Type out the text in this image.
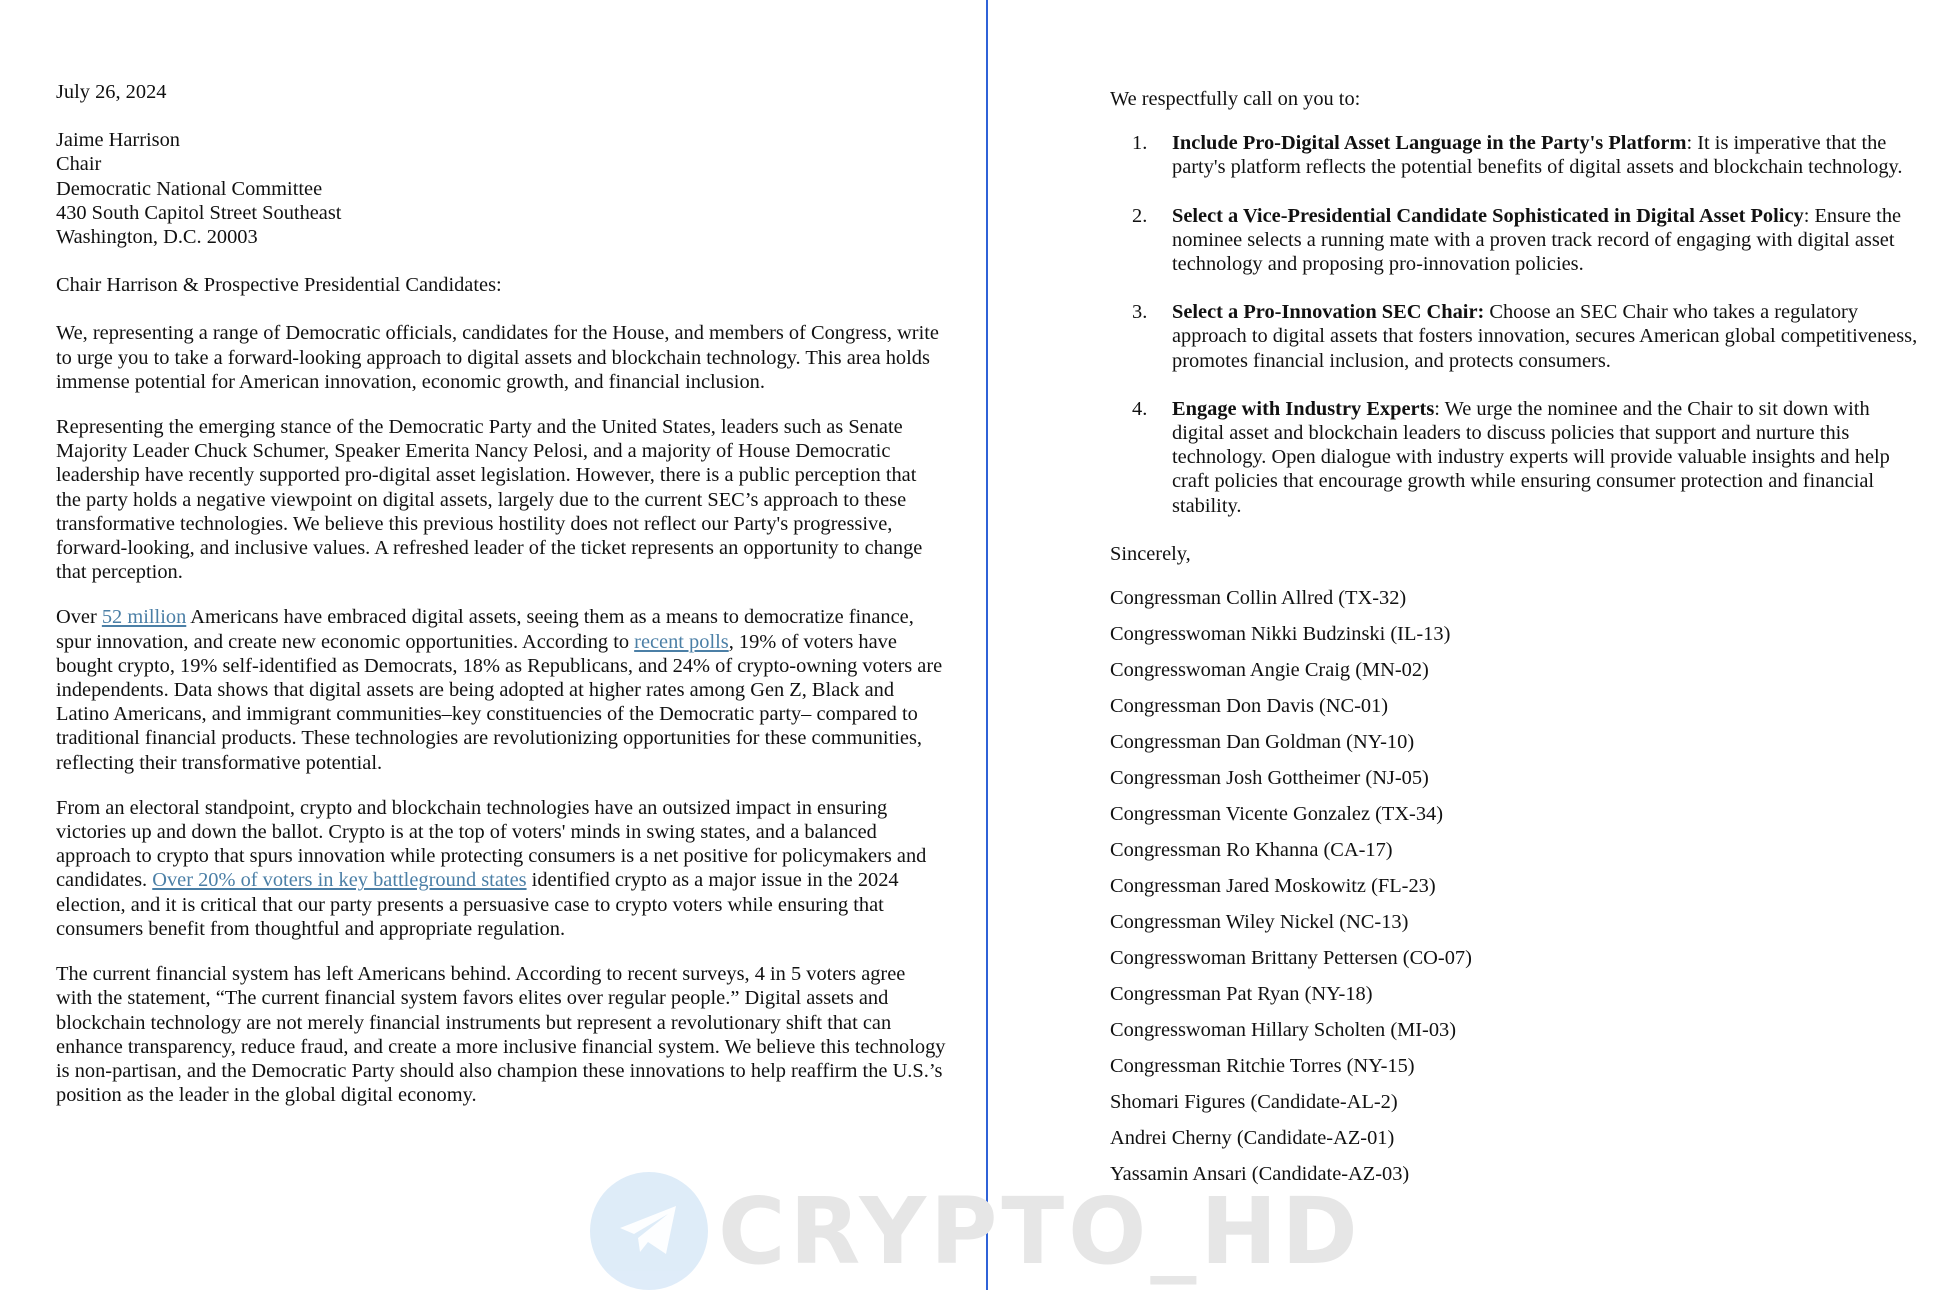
July 26, 2024

Jaime Harrison

Chair

Democratic National Committee

430 South Capitol Street Southeast

Washington, D.C. 20003

Chair Harrison & Prospective Presidential Candidates:

We, representing a range of Democratic officials, candidates for the House, and members of Congress, write to urge you to take a forward-looking approach to digital assets and blockchain technology. This area holds immense potential for American innovation, economic growth, and financial inclusion.

Representing the emerging stance of the Democratic Party and the United States, leaders such as Senate Majority Leader Chuck Schumer, Speaker Emerita Nancy Pelosi, and a majority of House Democratic leadership have recently supported pro-digital asset legislation. However, there is a public perception that the party holds a negative viewpoint on digital assets, largely due to the current SEC’s approach to these transformative technologies. We believe this previous hostility does not reflect our Party's progressive, forward-looking, and inclusive values. A refreshed leader of the ticket represents an opportunity to change that perception.

Over 52 million Americans have embraced digital assets, seeing them as a means to democratize finance, spur innovation, and create new economic opportunities. According to recent polls, 19% of voters have bought crypto, 19% self-identified as Democrats, 18% as Republicans, and 24% of crypto-owning voters are independents. Data shows that digital assets are being adopted at higher rates among Gen Z, Black and Latino Americans, and immigrant communities–key constituencies of the Democratic party– compared to traditional financial products. These technologies are revolutionizing opportunities for these communities, reflecting their transformative potential.

From an electoral standpoint, crypto and blockchain technologies have an outsized impact in ensuring victories up and down the ballot. Crypto is at the top of voters' minds in swing states, and a balanced approach to crypto that spurs innovation while protecting consumers is a net positive for policymakers and candidates. Over 20% of voters in key battleground states identified crypto as a major issue in the 2024 election, and it is critical that our party presents a persuasive case to crypto voters while ensuring that consumers benefit from thoughtful and appropriate regulation.

The current financial system has left Americans behind. According to recent surveys, 4 in 5 voters agree with the statement, “The current financial system favors elites over regular people.” Digital assets and blockchain technology are not merely financial instruments but represent a revolutionary shift that can enhance transparency, reduce fraud, and create a more inclusive financial system. We believe this technology is non-partisan, and the Democratic Party should also champion these innovations to help reaffirm the U.S.’s position as the leader in the global digital economy.

We respectfully call on you to:

1. Include Pro-Digital Asset Language in the Party's Platform: It is imperative that the party's platform reflects the potential benefits of digital assets and blockchain technology.
2. Select a Vice-Presidential Candidate Sophisticated in Digital Asset Policy: Ensure the nominee selects a running mate with a proven track record of engaging with digital asset technology and proposing pro-innovation policies.
3. Select a Pro-Innovation SEC Chair: Choose an SEC Chair who takes a regulatory approach to digital assets that fosters innovation, secures American global competitiveness, promotes financial inclusion, and protects consumers.
4. Engage with Industry Experts: We urge the nominee and the Chair to sit down with digital asset and blockchain leaders to discuss policies that support and nurture this technology. Open dialogue with industry experts will provide valuable insights and help craft policies that encourage growth while ensuring consumer protection and financial stability.

Sincerely,

Congressman Collin Allred (TX-32)
Congresswoman Nikki Budzinski (IL-13)
Congresswoman Angie Craig (MN-02)
Congressman Don Davis (NC-01)
Congressman Dan Goldman (NY-10)
Congressman Josh Gottheimer (NJ-05)
Congressman Vicente Gonzalez (TX-34)
Congressman Ro Khanna (CA-17)
Congressman Jared Moskowitz (FL-23)
Congressman Wiley Nickel (NC-13)
Congresswoman Brittany Pettersen (CO-07)
Congressman Pat Ryan (NY-18)
Congresswoman Hillary Scholten (MI-03)
Congressman Ritchie Torres (NY-15)
Shomari Figures (Candidate-AL-2)
Andrei Cherny (Candidate-AZ-01)
Yassamin Ansari (Candidate-AZ-03)
CRYPTO_HD
